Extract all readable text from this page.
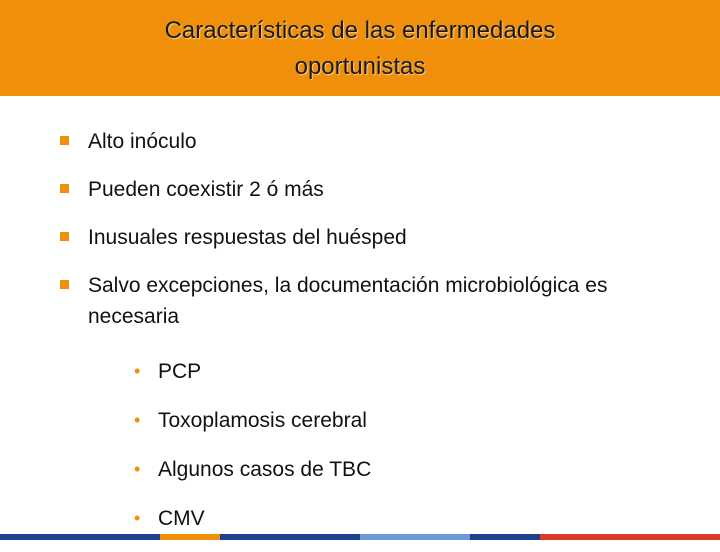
Características de las enfermedades
oportunistas
Alto inóculo
Pueden coexistir 2 ó más
Inusuales respuestas del huésped
Salvo excepciones, la documentación microbiológica es necesaria
• PCP
• Toxoplamosis cerebral
• Algunos casos de TBC
• CMV
